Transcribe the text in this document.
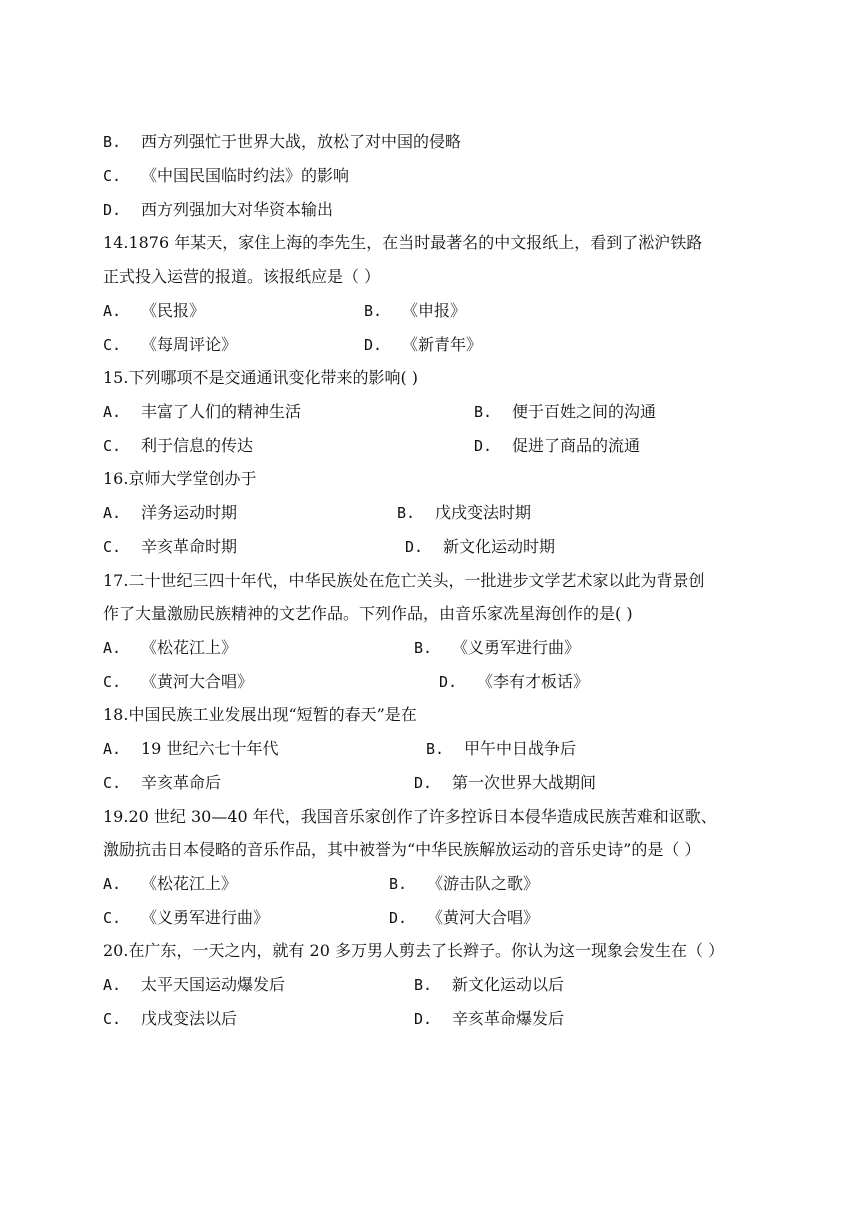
B. 西方列强忙于世界大战，放松了对中国的侵略
C. 《中国民国临时约法》的影响
D. 西方列强加大对华资本输出
14.1876 年某天，家住上海的李先生，在当时最著名的中文报纸上，看到了淞沪铁路
正式投入运营的报道。该报纸应是（ ）
A. 《民报》	B. 《申报》
C. 《每周评论》	D. 《新青年》
15.下列哪项不是交通通讯变化带来的影响( )
A. 丰富了人们的精神生活	B. 便于百姓之间的沟通
C. 利于信息的传达	D. 促进了商品的流通
16.京师大学堂创办于
A. 洋务运动时期	B. 戊戌变法时期
C. 辛亥革命时期	D. 新文化运动时期
17.二十世纪三四十年代，中华民族处在危亡关头，一批进步文学艺术家以此为背景创
作了大量激励民族精神的文艺作品。下列作品，由音乐家冼星海创作的是( )
A. 《松花江上》	B. 《义勇军进行曲》
C. 《黄河大合唱》	D. 《李有才板话》
18.中国民族工业发展出现“短暂的春天”是在
A. 19 世纪六七十年代	B. 甲午中日战争后
C. 辛亥革命后	D. 第一次世界大战期间
19.20 世纪 30—40 年代，我国音乐家创作了许多控诉日本侵华造成民族苦难和讴歌、
激励抗击日本侵略的音乐作品，其中被誉为“中华民族解放运动的音乐史诗”的是（ ）
A. 《松花江上》	B. 《游击队之歌》
C. 《义勇军进行曲》	D. 《黄河大合唱》
20.在广东，一天之内，就有 20 多万男人剪去了长辫子。你认为这一现象会发生在（ ）
A. 太平天国运动爆发后	B. 新文化运动以后
C. 戊戌变法以后	D. 辛亥革命爆发后
